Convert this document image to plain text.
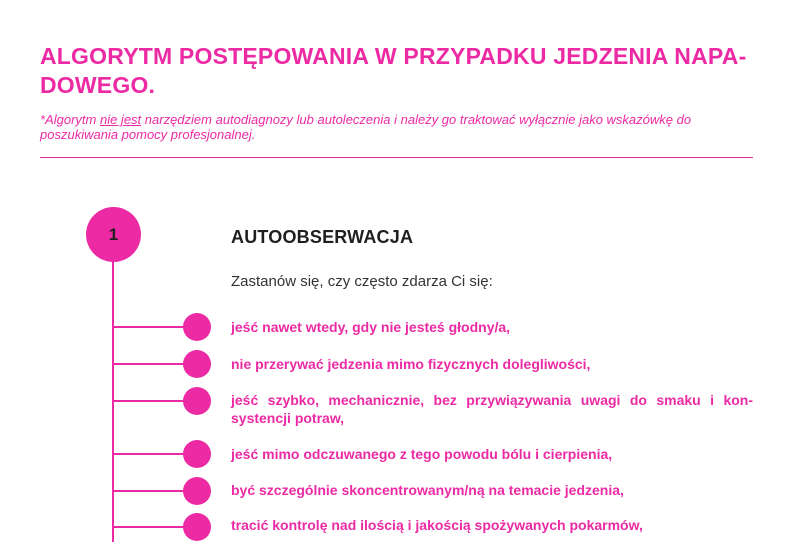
ALGORYTM POSTĘPOWANIA W PRZYPADKU JEDZENIA NAPA-DOWEGO.

*Algorytm nie jest narzędziem autodiagnozy lub autoleczenia i należy go traktować wyłącznie jako wskazówkę do poszukiwania pomocy profesjonalnej.

1	AUTOOBSERWACJA

Zastanów się, czy często zdarza Ci się:

jeść nawet wtedy, gdy nie jesteś głodny/a,

nie przerywać jedzenia mimo fizycznych dolegliwości,

jeść szybko, mechanicznie, bez przywiązywania uwagi do smaku i kon-systencji potraw,

jeść mimo odczuwanego z tego powodu bólu i cierpienia,

być szczególnie skoncentrowanym/ną na temacie jedzenia,

tracić kontrolę nad ilością i jakością spożywanych pokarmów,
